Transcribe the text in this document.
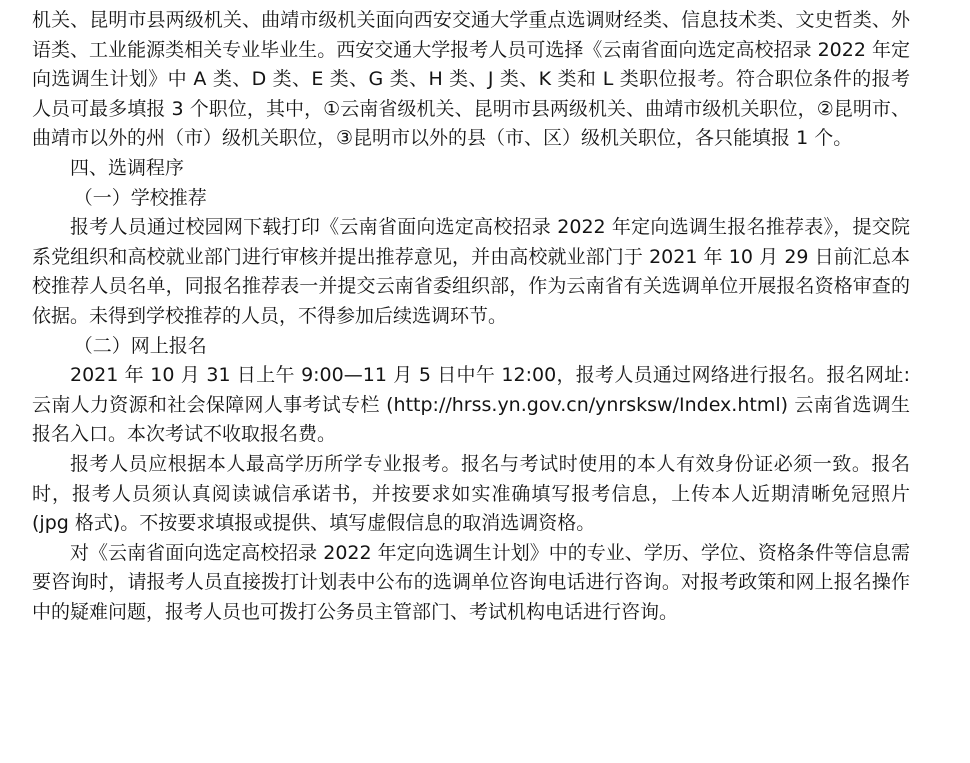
机关、昆明市县两级机关、曲靖市级机关面向西安交通大学重点选调财经类、信息技术类、文史哲类、外语类、工业能源类相关专业毕业生。西安交通大学报考人员可选择《云南省面向选定高校招录 2022 年定向选调生计划》中 A 类、D 类、E 类、G 类、H 类、J 类、K 类和 L 类职位报考。符合职位条件的报考人员可最多填报 3 个职位，其中，①云南省级机关、昆明市县两级机关、曲靖市级机关职位，②昆明市、曲靖市以外的州（市）级机关职位，③昆明市以外的县（市、区）级机关职位，各只能填报 1 个。

四、选调程序

（一）学校推荐

报考人员通过校园网下载打印《云南省面向选定高校招录 2022 年定向选调生报名推荐表》，提交院系党组织和高校就业部门进行审核并提出推荐意见，并由高校就业部门于 2021 年 10 月 29 日前汇总本校推荐人员名单，同报名推荐表一并提交云南省委组织部，作为云南省有关选调单位开展报名资格审查的依据。未得到学校推荐的人员，不得参加后续选调环节。

（二）网上报名

2021 年 10 月 31 日上午 9:00—11 月 5 日中午 12:00，报考人员通过网络进行报名。报名网址: 云南人力资源和社会保障网人事考试专栏 (http://hrss.yn.gov.cn/ynrsksw/Index.html) 云南省选调生报名入口。本次考试不收取报名费。

报考人员应根据本人最高学历所学专业报考。报名与考试时使用的本人有效身份证必须一致。报名时，报考人员须认真阅读诚信承诺书，并按要求如实准确填写报考信息，上传本人近期清晰免冠照片 (jpg 格式)。不按要求填报或提供、填写虚假信息的取消选调资格。

对《云南省面向选定高校招录 2022 年定向选调生计划》中的专业、学历、学位、资格条件等信息需要咨询时，请报考人员直接拨打计划表中公布的选调单位咨询电话进行咨询。对报考政策和网上报名操作中的疑难问题，报考人员也可拨打公务员主管部门、考试机构电话进行咨询。
